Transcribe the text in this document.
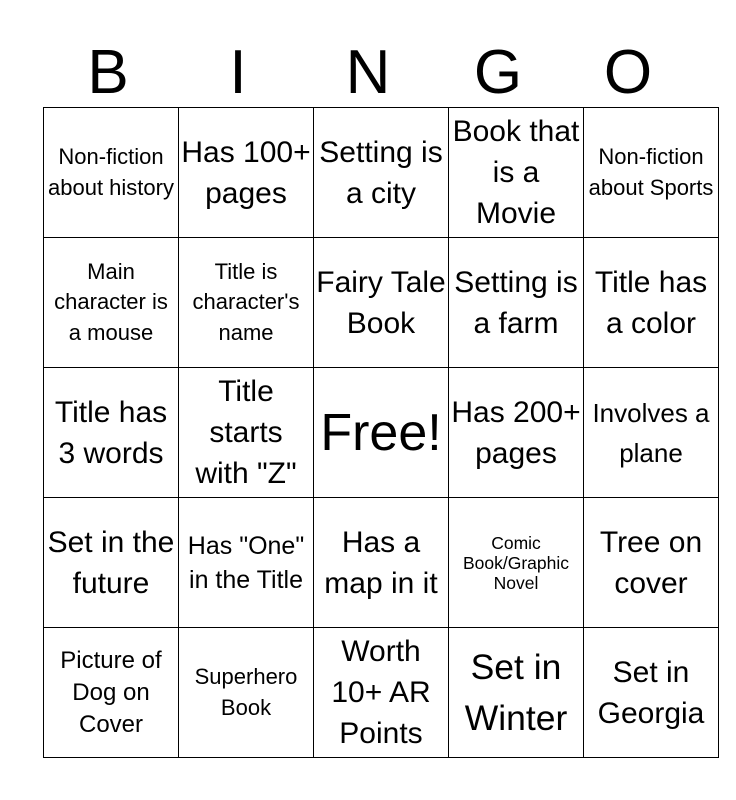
B	I	N	G	O
Non-fiction about history	Has 100+ pages	Setting is a city	Book that is a Movie	Non-fiction about Sports

Main character is a mouse	Title is character's name	Fairy Tale Book	Setting is a farm	Title has a color

Title has 3 words	Title starts with "Z"	Free!	Has 200+ pages	Involves a plane

Set in the future	Has "One" in the Title	Has a map in it	Comic Book/Graphic Novel	Tree on cover

Picture of Dog on Cover	Superhero Book	Worth 10+ AR Points	Set in Winter	Set in Georgia
